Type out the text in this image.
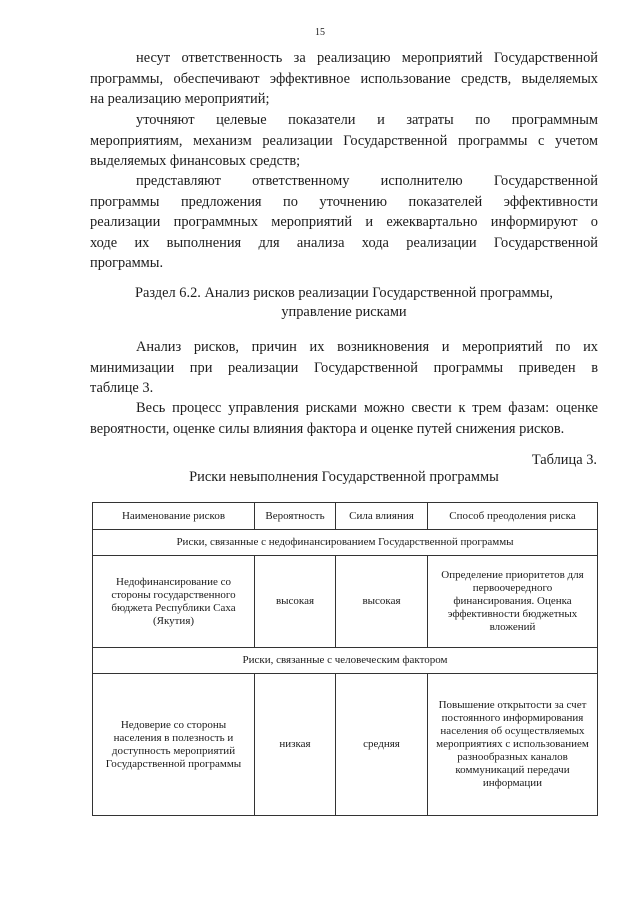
15
несут ответственность за реализацию мероприятий Государственной
программы, обеспечивают эффективное использование средств, выделяемых
на реализацию мероприятий;
уточняют целевые показатели и затраты по программным
мероприятиям, механизм реализации Государственной программы с учетом
выделяемых финансовых средств;
представляют ответственному исполнителю Государственной
программы предложения по уточнению показателей эффективности
реализации программных мероприятий и ежеквартально информируют о
ходе их выполнения для анализа хода реализации Государственной
программы.
Раздел 6.2. Анализ рисков реализации Государственной программы,
управление рисками
Анализ рисков, причин их возникновения и мероприятий по их
минимизации при реализации Государственной программы приведен в
таблице 3.
Весь процесс управления рисками можно свести к трем фазам: оценке
вероятности, оценке силы влияния фактора и оценке путей снижения рисков.
Таблица 3.
Риски невыполнения Государственной программы
Наименование рисков	Вероятность	Сила влияния	Способ преодоления риска
Риски, связанные с недофинансированием Государственной программы			
Недофинансирование со стороны государственного бюджета Республики Саха (Якутия)	высокая	высокая	Определение приоритетов для первоочередного финансирования. Оценка эффективности бюджетных вложений
Риски, связанные с человеческим фактором			
Недоверие со стороны населения в полезность и доступность мероприятий Государственной программы	низкая	средняя	Повышение открытости за счет постоянного информирования населения об осуществляемых мероприятиях с использованием разнообразных каналов коммуникаций передачи информации
